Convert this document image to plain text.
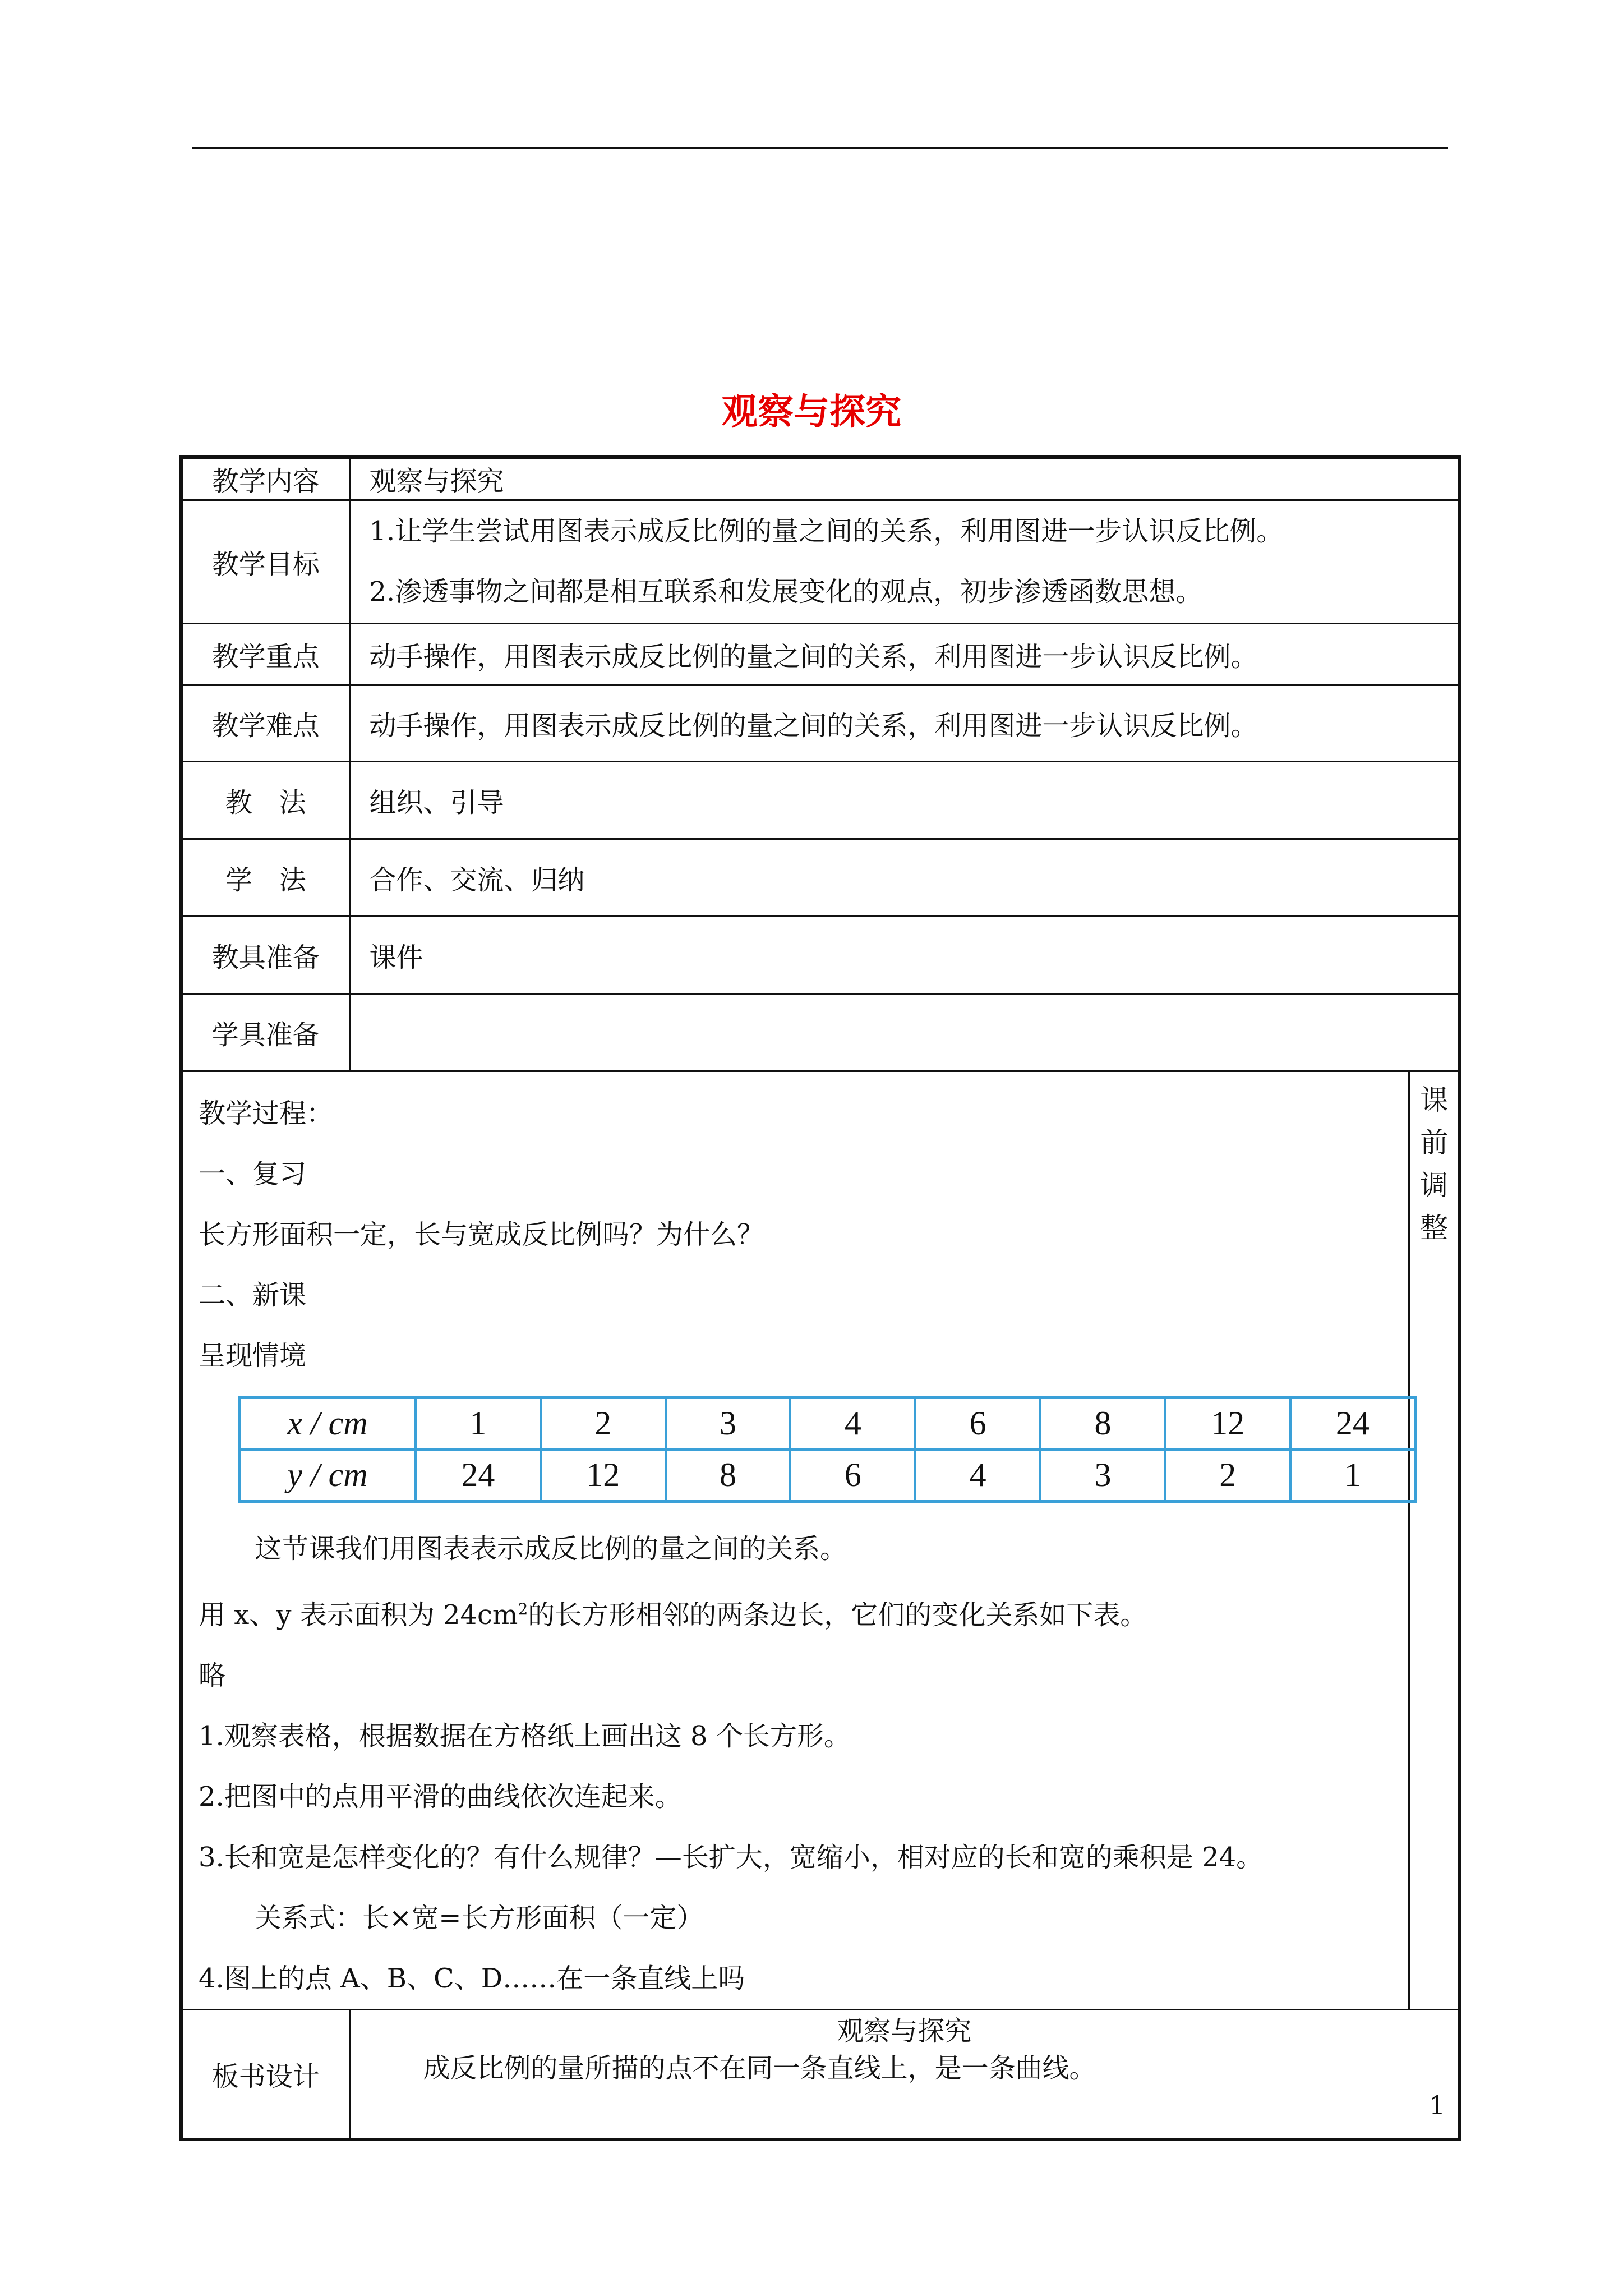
观察与探究
教学内容	观察与探究
教学目标	

1.让学生尝试用图表示成反比例的量之间的关系，利用图进一步认识反比例。

2.渗透事物之间都是相互联系和发展变化的观点，初步渗透函数思想。

教学重点	动手操作，用图表示成反比例的量之间的关系，利用图进一步认识反比例。
教学难点	动手操作，用图表示成反比例的量之间的关系，利用图进一步认识反比例。
教　法	组织、引导
学　法	合作、交流、归纳
教具准备	课件
学具准备	

教学过程：

一、复习

长方形面积一定，长与宽成反比例吗？为什么？

二、新课

呈现情境

x / cm	1	2	3	4	6	8	12	24
y / cm	24	12	8	6	4	3	2	1

这节课我们用图表表示成反比例的量之间的关系。

用 x、y 表示面积为 $24cm^2$的长方形相邻的两条边长，它们的变化关系如下表。

略

1.观察表格，根据数据在方格纸上画出这 8 个长方形。

2.把图中的点用平滑的曲线依次连起来。

3.长和宽是怎样变化的？有什么规律？—长扩大，宽缩小，相对应的长和宽的乘积是 24。

关系式：长×宽=长方形面积（一定）

4.图上的点 A、B、C、D……在一条直线上吗

课
前
调
整

板书设计	
观察与探究
成反比例的量所描的点不在同一条直线上，是一条曲线。
1
